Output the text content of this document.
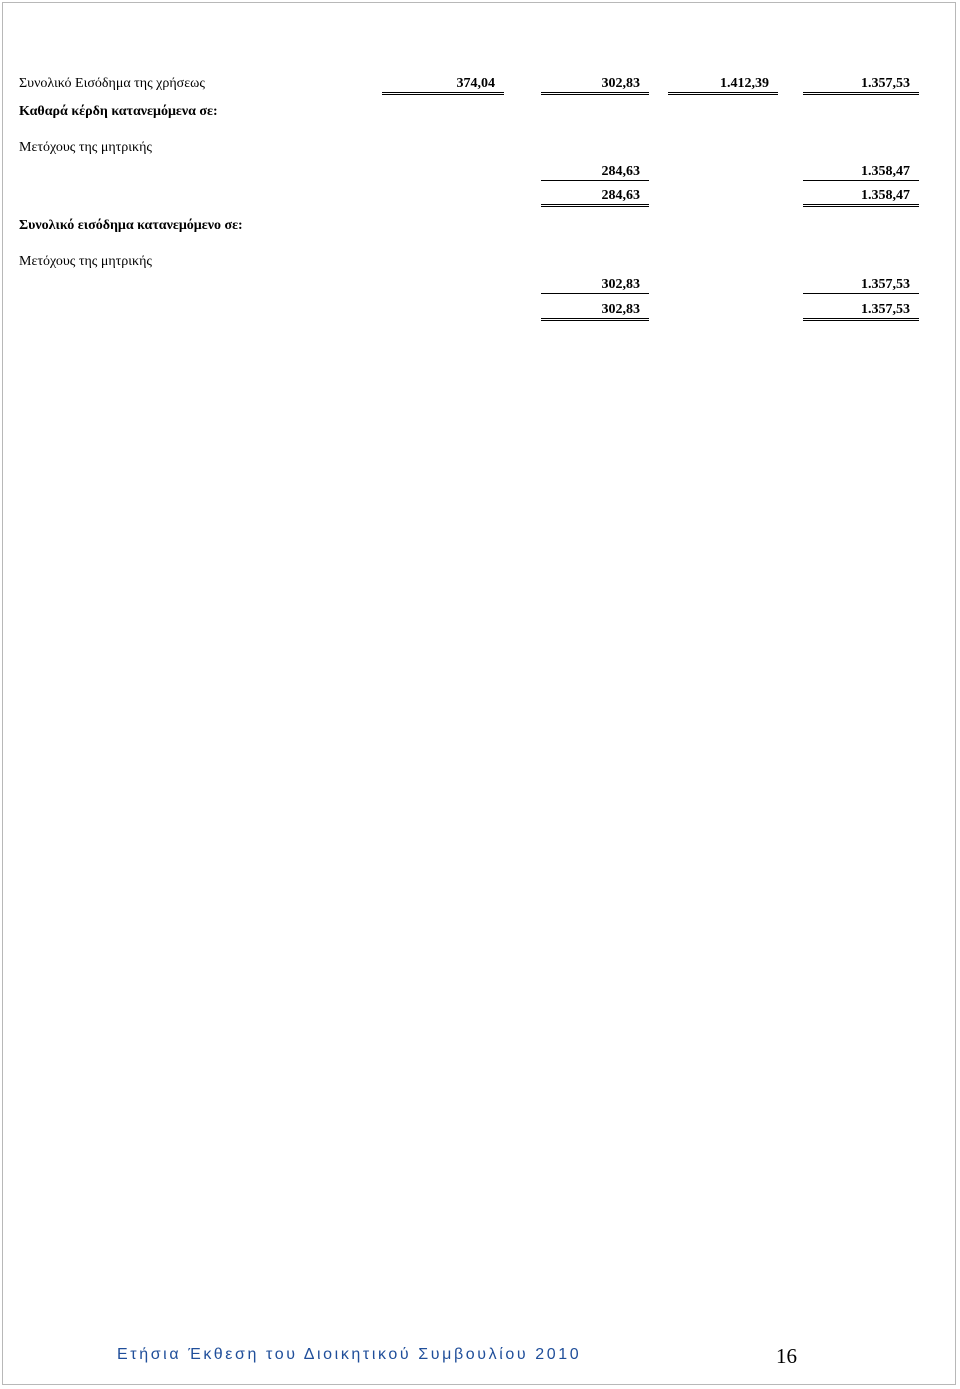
Συνολικό Εισόδημα της χρήσεως	374,04	302,83	1.412,39	1.357,53
Καθαρά κέρδη κατανεμόμενα σε:
Μετόχους της μητρικής
284,63	1.358,47
284,63	1.358,47
Συνολικό εισόδημα κατανεμόμενο σε:
Μετόχους της μητρικής
302,83	1.357,53
302,83	1.357,53
Ετήσια Έκθεση του Διοικητικού Συμβουλίου 2010	16
